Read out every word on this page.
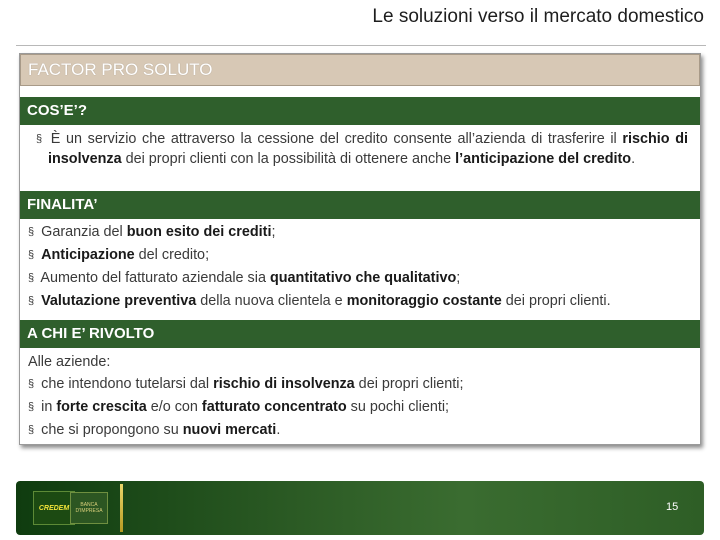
Le soluzioni verso il mercato domestico
FACTOR PRO SOLUTO
COS’E’?

§ È un servizio che attraverso la cessione del credito consente all’azienda di trasferire il rischio di insolvenza dei propri clienti con la possibilità di ottenere anche l’anticipazione del credito.

FINALITA’

§ Garanzia del buon esito dei crediti;

§ Anticipazione del credito;

§ Aumento del fatturato aziendale sia quantitativo che qualitativo;

§ Valutazione preventiva della nuova clientela e monitoraggio costante dei propri clienti.

A CHI E’ RIVOLTO

Alle aziende:

§ che intendono tutelarsi dal rischio di insolvenza dei propri clienti;

§ in forte crescita e/o con fatturato concentrato su pochi clienti;

§ che si propongono su nuovi mercati.

CREDEM BANCA
D'IMPRESA	15
